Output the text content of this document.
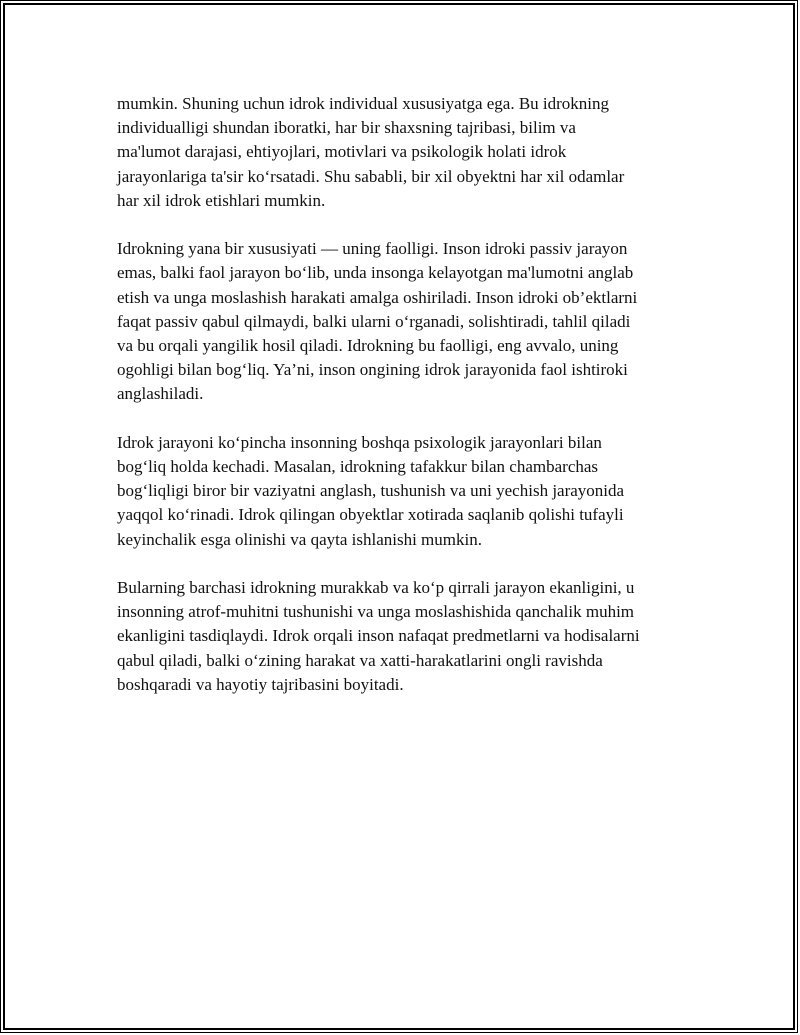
mumkin. Shuning uchun idrok individual xususiyatga ega. Bu idrokning
individualligi shundan iboratki, har bir shaxsning tajribasi, bilim va
ma'lumot darajasi, ehtiyojlari, motivlari va psikologik holati idrok
jarayonlariga ta'sir koʻrsatadi. Shu sababli, bir xil obyektni har xil odamlar
har xil idrok etishlari mumkin.

Idrokning yana bir xususiyati — uning faolligi. Inson idroki passiv jarayon
emas, balki faol jarayon boʻlib, unda insonga kelayotgan ma'lumotni anglab
etish va unga moslashish harakati amalga oshiriladi. Inson idroki ob’ektlarni
faqat passiv qabul qilmaydi, balki ularni oʻrganadi, solishtiradi, tahlil qiladi
va bu orqali yangilik hosil qiladi. Idrokning bu faolligi, eng avvalo, uning
ogohligi bilan bogʻliq. Ya’ni, inson ongining idrok jarayonida faol ishtiroki
anglashiladi.

Idrok jarayoni koʻpincha insonning boshqa psixologik jarayonlari bilan
bogʻliq holda kechadi. Masalan, idrokning tafakkur bilan chambarchas
bogʻliqligi biror bir vaziyatni anglash, tushunish va uni yechish jarayonida
yaqqol koʻrinadi. Idrok qilingan obyektlar xotirada saqlanib qolishi tufayli
keyinchalik esga olinishi va qayta ishlanishi mumkin.

Bularning barchasi idrokning murakkab va koʻp qirrali jarayon ekanligini, u
insonning atrof-muhitni tushunishi va unga moslashishida qanchalik muhim
ekanligini tasdiqlaydi. Idrok orqali inson nafaqat predmetlarni va hodisalarni
qabul qiladi, balki oʻzining harakat va xatti-harakatlarini ongli ravishda
boshqaradi va hayotiy tajribasini boyitadi.
